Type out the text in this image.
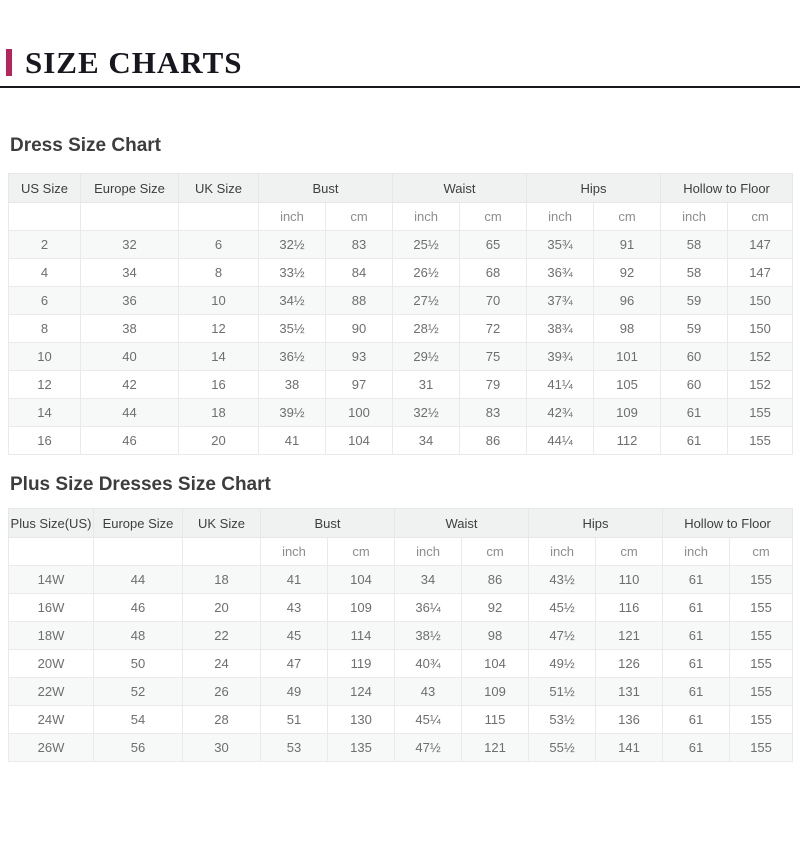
SIZE CHARTS
Dress Size Chart
US Size	Europe Size	UK Size	Bust		Waist		Hips		Hollow to Floor	
			inch	cm	inch	cm	inch	cm	inch	cm
2	32	6	32½	83	25½	65	35¾	91	58	147
4	34	8	33½	84	26½	68	36¾	92	58	147
6	36	10	34½	88	27½	70	37¾	96	59	150
8	38	12	35½	90	28½	72	38¾	98	59	150
10	40	14	36½	93	29½	75	39¾	101	60	152
12	42	16	38	97	31	79	41¼	105	60	152
14	44	18	39½	100	32½	83	42¾	109	61	155
16	46	20	41	104	34	86	44¼	112	61	155
Plus Size Dresses Size Chart
Plus Size(US)	Europe Size	UK Size	Bust		Waist		Hips		Hollow to Floor	
			inch	cm	inch	cm	inch	cm	inch	cm
14W	44	18	41	104	34	86	43½	110	61	155
16W	46	20	43	109	36¼	92	45½	116	61	155
18W	48	22	45	114	38½	98	47½	121	61	155
20W	50	24	47	119	40¾	104	49½	126	61	155
22W	52	26	49	124	43	109	51½	131	61	155
24W	54	28	51	130	45¼	115	53½	136	61	155
26W	56	30	53	135	47½	121	55½	141	61	155
